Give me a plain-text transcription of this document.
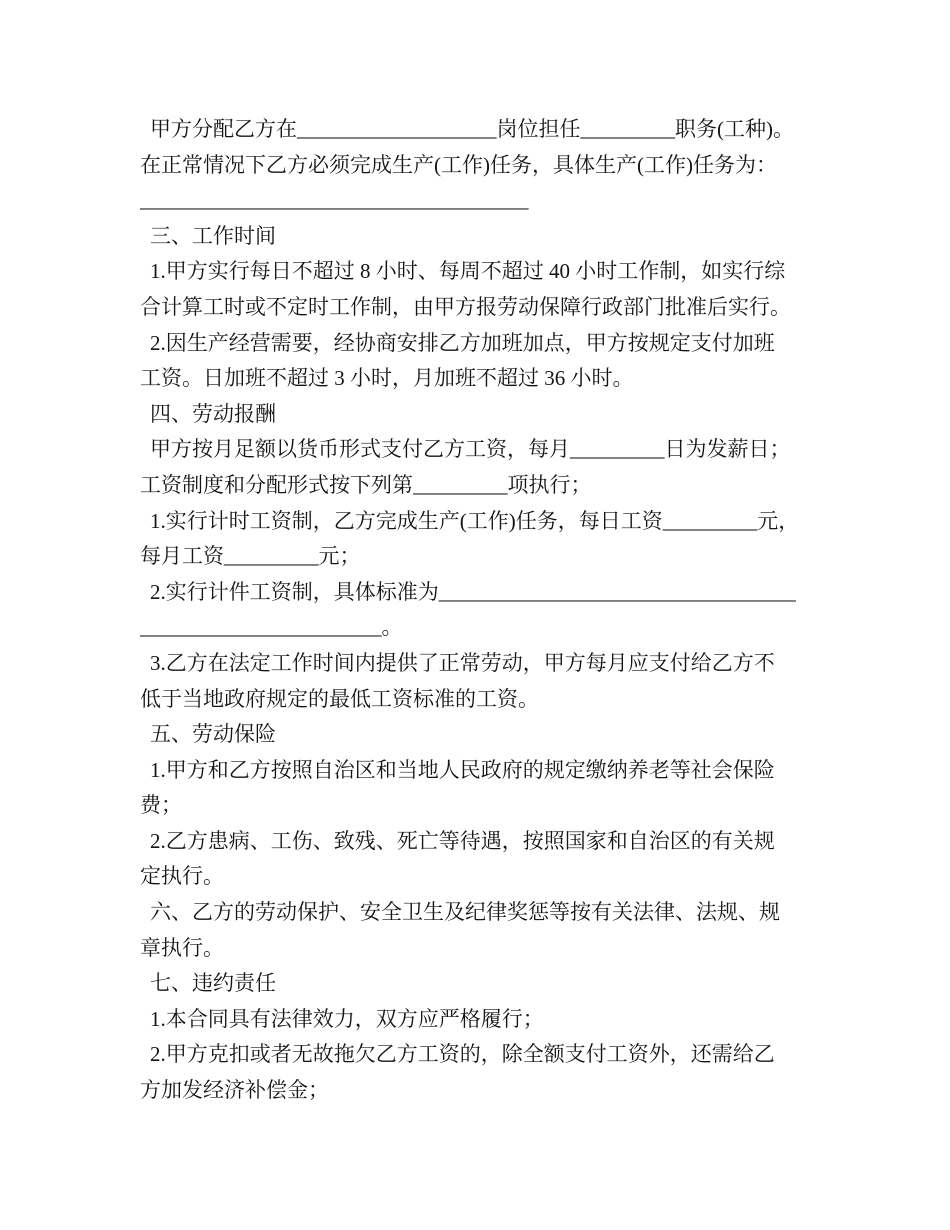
甲方分配乙方在___________________岗位担任_________职务(工种)。
在正常情况下乙方必须完成生产(工作)任务，具体生产(工作)任务为：
_____________________________________
三、工作时间
1.甲方实行每日不超过 8 小时、每周不超过 40 小时工作制，如实行综
合计算工时或不定时工作制，由甲方报劳动保障行政部门批准后实行。
2.因生产经营需要，经协商安排乙方加班加点，甲方按规定支付加班
工资。日加班不超过 3 小时，月加班不超过 36 小时。
四、劳动报酬
甲方按月足额以货币形式支付乙方工资，每月_________日为发薪日；
工资制度和分配形式按下列第_________项执行；
1.实行计时工资制，乙方完成生产(工作)任务，每日工资_________元，
每月工资_________元；
2.实行计件工资制，具体标准为__________________________________
_______________________。
3.乙方在法定工作时间内提供了正常劳动，甲方每月应支付给乙方不
低于当地政府规定的最低工资标准的工资。
五、劳动保险
1.甲方和乙方按照自治区和当地人民政府的规定缴纳养老等社会保险
费；
2.乙方患病、工伤、致残、死亡等待遇，按照国家和自治区的有关规
定执行。
六、乙方的劳动保护、安全卫生及纪律奖惩等按有关法律、法规、规
章执行。
七、违约责任
1.本合同具有法律效力，双方应严格履行；
2.甲方克扣或者无故拖欠乙方工资的，除全额支付工资外，还需给乙
方加发经济补偿金；
